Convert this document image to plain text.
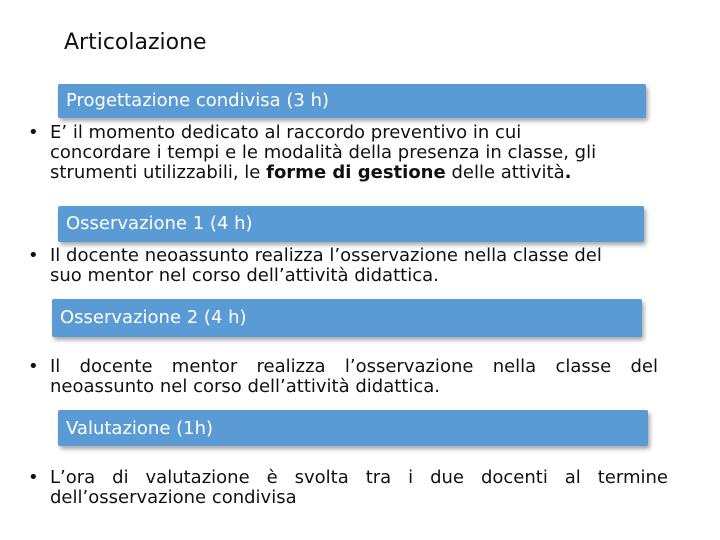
Articolazione
Progettazione condivisa (3 h)
• E’ il momento dedicato al raccordo preventivo in cui
concordare i tempi e le modalità della presenza in classe, gli
strumenti utilizzabili, le forme di gestione delle attività.
Osservazione 1 (4 h)
• Il docente neoassunto realizza l’osservazione nella classe del
suo mentor nel corso dell’attività didattica.
Osservazione 2 (4 h)
• Il docente mentor realizza l’osservazione nella classe del
neoassunto nel corso dell’attività didattica.
Valutazione (1h)
• L’ora di valutazione è svolta tra i due docenti al termine
dell’osservazione condivisa
